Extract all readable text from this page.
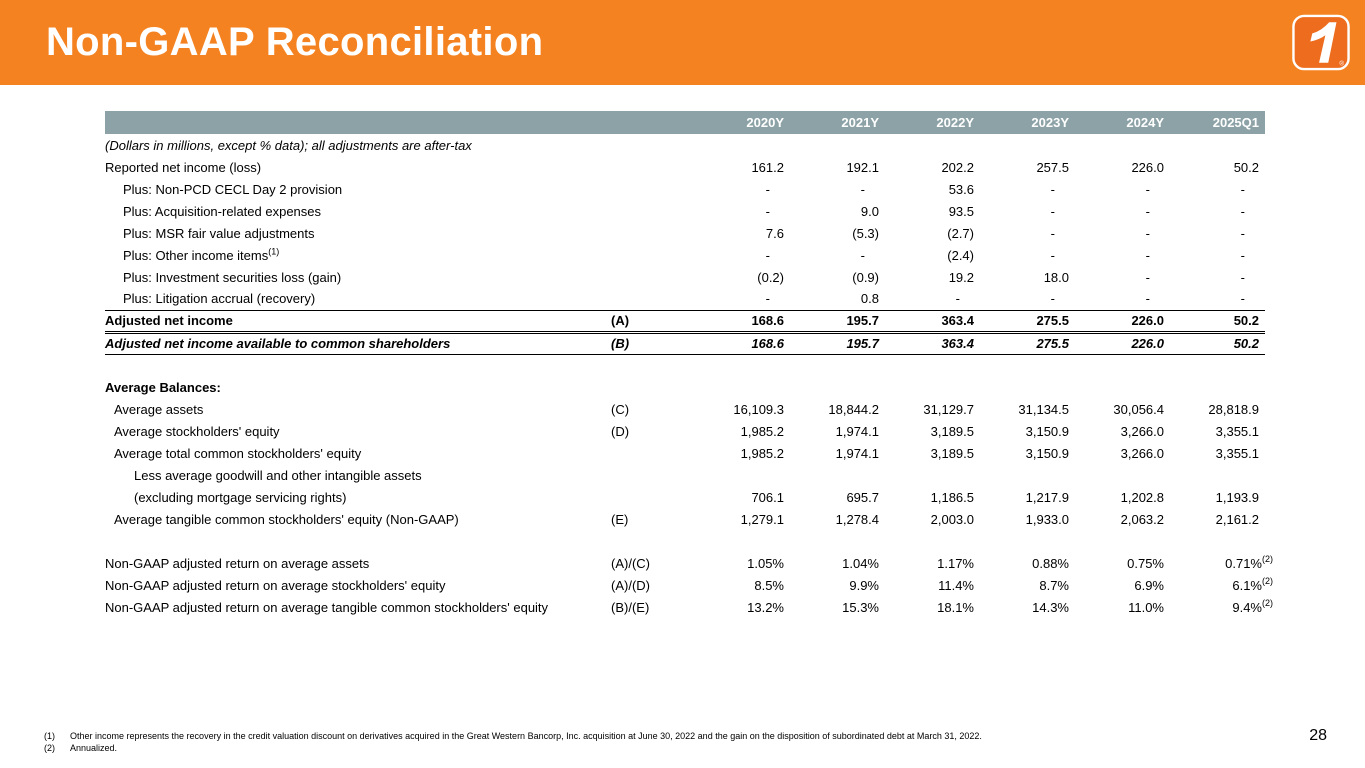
Non-GAAP Reconciliation
®
		2020Y	2021Y	2022Y	2023Y	2024Y	2025Q1
(Dollars in millions, except % data); all adjustments are after-tax							
Reported net income (loss)		161.2	192.1	202.2	257.5	226.0	50.2
Plus: Non-PCD CECL Day 2 provision		-	-	53.6	-	-	-
Plus: Acquisition-related expenses		-	9.0	93.5	-	-	-
Plus: MSR fair value adjustments		7.6	(5.3)	(2.7)	-	-	-
Plus: Other income items$^{(1)}$		-	-	(2.4)	-	-	-
Plus: Investment securities loss (gain)		(0.2)	(0.9)	19.2	18.0	-	-
Plus: Litigation accrual (recovery)		-	0.8	-	-	-	-
Adjusted net income	(A)	168.6	195.7	363.4	275.5	226.0	50.2
Adjusted net income available to common shareholders	(B)	168.6	195.7	363.4	275.5	226.0	50.2

Average Balances:							
Average assets	(C)	16,109.3	18,844.2	31,129.7	31,134.5	30,056.4	28,818.9
Average stockholders' equity	(D)	1,985.2	1,974.1	3,189.5	3,150.9	3,266.0	3,355.1
Average total common stockholders' equity		1,985.2	1,974.1	3,189.5	3,150.9	3,266.0	3,355.1
Less average goodwill and other intangible assets							
(excluding mortgage servicing rights)		706.1	695.7	1,186.5	1,217.9	1,202.8	1,193.9
Average tangible common stockholders' equity (Non-GAAP)	(E)	1,279.1	1,278.4	2,003.0	1,933.0	2,063.2	2,161.2

Non-GAAP adjusted return on average assets	(A)/(C)	1.05%	1.04%	1.17%	0.88%	0.75%	0.71%$^{(2)}$
Non-GAAP adjusted return on average stockholders' equity	(A)/(D)	8.5%	9.9%	11.4%	8.7%	6.9%	6.1%$^{(2)}$
Non-GAAP adjusted return on average tangible common stockholders' equity	(B)/(E)	13.2%	15.3%	18.1%	14.3%	11.0%	9.4%$^{(2)}$
(1)	Other income represents the recovery in the credit valuation discount on derivatives acquired in the Great Western Bancorp, Inc. acquisition at June 30, 2022 and the gain on the disposition of subordinated debt at March 31, 2022.
(2)	Annualized.
28
